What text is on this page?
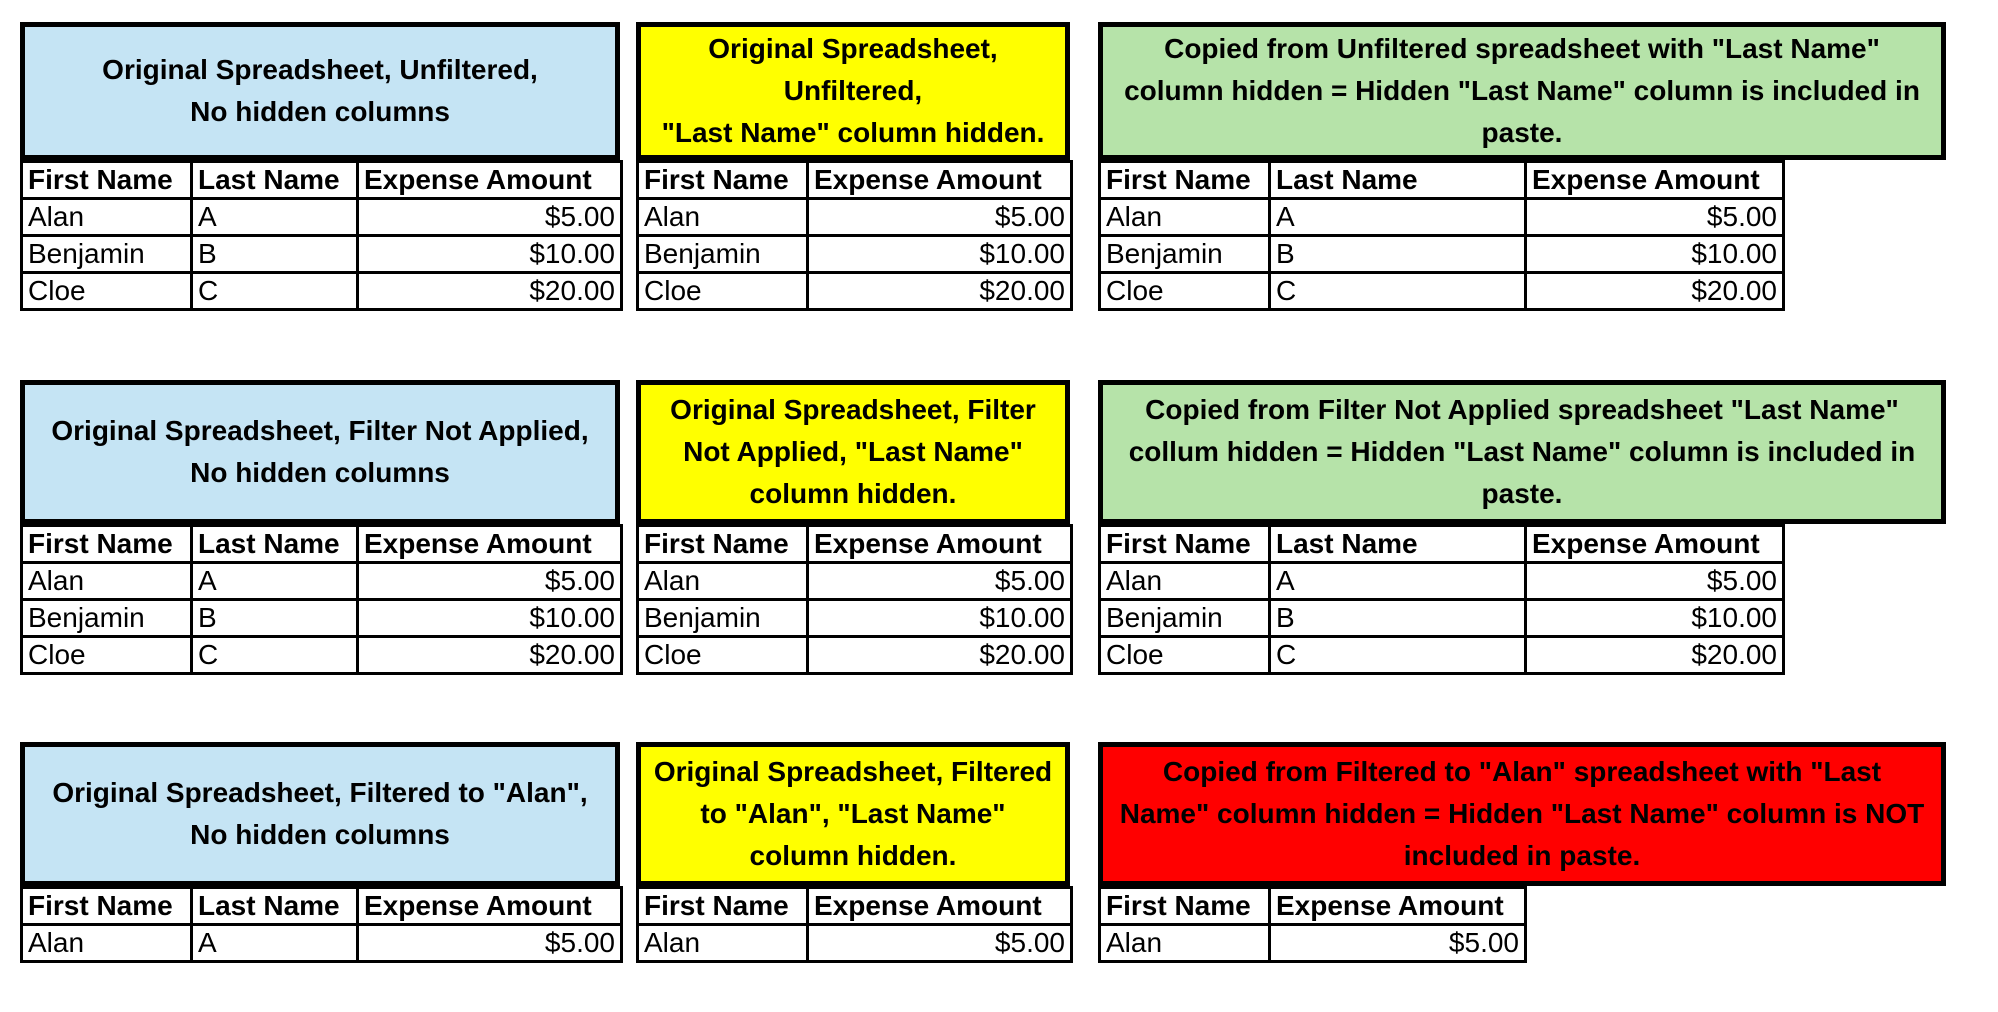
Original Spreadsheet, Unfiltered,
No hidden columns
First Name	Last Name	Expense Amount
Alan	A	$5.00
Benjamin	B	$10.00
Cloe	C	$20.00
Original Spreadsheet,
Unfiltered,
"Last Name" column hidden.
First Name	Expense Amount
Alan	$5.00
Benjamin	$10.00
Cloe	$20.00
Copied from Unfiltered spreadsheet with "Last Name" column hidden = Hidden "Last Name" column is included in paste.
First Name	Last Name	Expense Amount
Alan	A	$5.00
Benjamin	B	$10.00
Cloe	C	$20.00
Original Spreadsheet, Filter Not Applied,
No hidden columns
First Name	Last Name	Expense Amount
Alan	A	$5.00
Benjamin	B	$10.00
Cloe	C	$20.00
Original Spreadsheet, Filter Not Applied, "Last Name" column hidden.
First Name	Expense Amount
Alan	$5.00
Benjamin	$10.00
Cloe	$20.00
Copied from Filter Not Applied spreadsheet "Last Name" collum hidden = Hidden "Last Name" column is included in paste.
First Name	Last Name	Expense Amount
Alan	A	$5.00
Benjamin	B	$10.00
Cloe	C	$20.00
Original Spreadsheet, Filtered to "Alan",
No hidden columns
First Name	Last Name	Expense Amount
Alan	A	$5.00
Original Spreadsheet, Filtered to "Alan", "Last Name" column hidden.
First Name	Expense Amount
Alan	$5.00
Copied from Filtered to "Alan" spreadsheet with "Last Name" column hidden = Hidden "Last Name" column is NOT included in paste.
First Name	Expense Amount
Alan	$5.00
